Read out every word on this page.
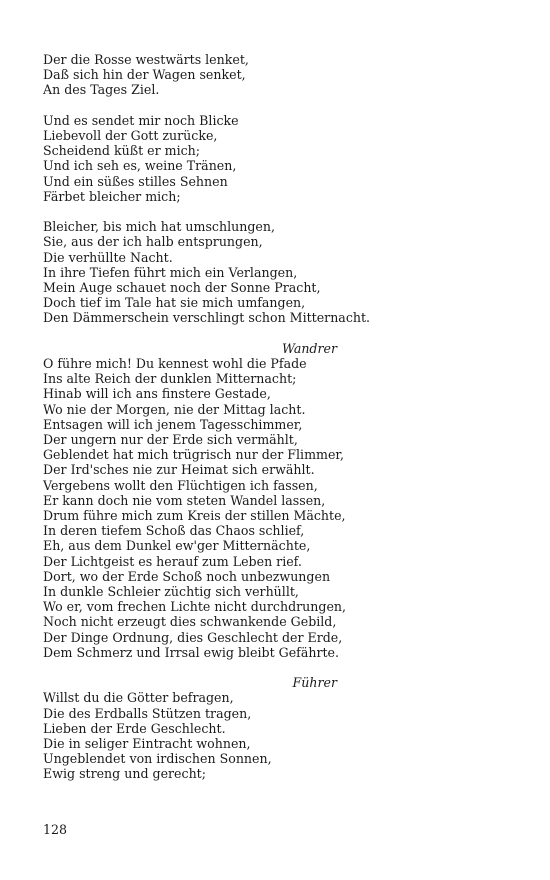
Der die Rosse westwärts lenket,
Daß sich hin der Wagen senket,
An des Tages Ziel.
Und es sendet mir noch Blicke
Liebevoll der Gott zurücke,
Scheidend küßt er mich;
Und ich seh es, weine Tränen,
Und ein süßes stilles Sehnen
Färbet bleicher mich;
Bleicher, bis mich hat umschlungen,
Sie, aus der ich halb entsprungen,
Die verhüllte Nacht.
In ihre Tiefen führt mich ein Verlangen,
Mein Auge schauet noch der Sonne Pracht,
Doch tief im Tale hat sie mich umfangen,
Den Dämmerschein verschlingt schon Mitternacht.
Wandrer
O führe mich! Du kennest wohl die Pfade
Ins alte Reich der dunklen Mitternacht;
Hinab will ich ans finstere Gestade,
Wo nie der Morgen, nie der Mittag lacht.
Entsagen will ich jenem Tagesschimmer,
Der ungern nur der Erde sich vermählt,
Geblendet hat mich trügrisch nur der Flimmer,
Der Ird'sches nie zur Heimat sich erwählt.
Vergebens wollt den Flüchtigen ich fassen,
Er kann doch nie vom steten Wandel lassen,
Drum führe mich zum Kreis der stillen Mächte,
In deren tiefem Schoß das Chaos schlief,
Eh, aus dem Dunkel ew'ger Mitternächte,
Der Lichtgeist es herauf zum Leben rief.
Dort, wo der Erde Schoß noch unbezwungen
In dunkle Schleier züchtig sich verhüllt,
Wo er, vom frechen Lichte nicht durchdrungen,
Noch nicht erzeugt dies schwankende Gebild,
Der Dinge Ordnung, dies Geschlecht der Erde,
Dem Schmerz und Irrsal ewig bleibt Gefährte.
Führer
Willst du die Götter befragen,
Die des Erdballs Stützen tragen,
Lieben der Erde Geschlecht.
Die in seliger Eintracht wohnen,
Ungeblendet von irdischen Sonnen,
Ewig streng und gerecht;
128
